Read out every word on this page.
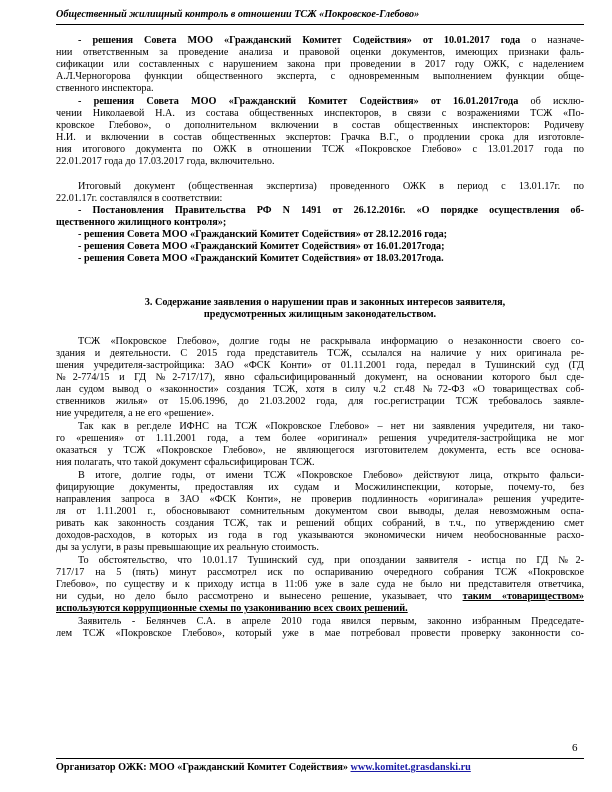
Общественный жилищный контроль в отношении ТСЖ «Покровское-Глебово»
- решения Совета МОО «Гражданский Комитет Содействия» от 10.01.2017 года о назначе-
нии ответственным за проведение анализа и правовой оценки документов, имеющих признаки фаль-
сификации или составленных с нарушением закона при проведении в 2017 году ОЖК, с наделением
А.Л.Черногорова функции общественного эксперта, с одновременным выполнением функции обще-
ственного инспектора.
- решения Совета МОО «Гражданский Комитет Содействия» от 16.01.2017года об исклю-
чении Николаевой Н.А. из состава общественных инспекторов, в связи с возражениями ТСЖ «По-
кровское Глебово», о дополнительном включении в состав общественных инспекторов: Родичеву
Н.И. и включении в состав общественных экспертов: Грачка В.Г., о продлении срока для изготовле-
ния итогового документа по ОЖК в отношении ТСЖ «Покровское Глебово» с 13.01.2017 года по
22.01.2017 года до 17.03.2017 года, включительно.
Итоговый документ (общественная экспертиза) проведенного ОЖК в период с 13.01.17г. по
22.01.17г. составлялся в соответствии:
- Постановления Правительства РФ N 1491 от 26.12.2016г. «О порядке осуществления об-
щественного жилищного контроля»;
- решения Совета МОО «Гражданский Комитет Содействия» от 28.12.2016 года;
- решения Совета МОО «Гражданский Комитет Содействия» от 16.01.2017года;
- решения Совета МОО «Гражданский Комитет Содействия» от 18.03.2017года.
3. Содержание заявления о нарушении прав и законных интересов заявителя,
предусмотренных жилищным законодательством.
ТСЖ «Покровское Глебово», долгие годы не раскрывала информацию о незаконности своего со-
здания и деятельности. С 2015 года представитель ТСЖ, ссылался на наличие у них оригинала ре-
шения учредителя-застройщика: ЗАО «ФСК Конти» от 01.11.2001 года, передал в Тушинский суд (ГД
№2-774/15 и ГД №2-717/17), явно сфальсифицированный документ, на основании которого был сде-
лан судом вывод о «законности» создания ТСЖ, хотя в силу ч.2 ст.48 №72-ФЗ «О товариществах соб-
ственников жилья» от 15.06.1996, до 21.03.2002 года, для гос.регистрации ТСЖ требовалось заявле-
ние учредителя, а не его «решение».
Так как в рег.деле ИФНС на ТСЖ «Покровское Глебово» – нет ни заявления учредителя, ни тако-
го «решения» от 1.11.2001 года, а тем более «оригинал» решения учредителя-застройщика не мог
оказаться у ТСЖ «Покровское Глебово», не являющегося изготовителем документа, есть все основа-
ния полагать, что такой документ сфальсифицирован ТСЖ.
В итоге, долгие годы, от имени ТСЖ «Покровское Глебово» действуют лица, открыто фальси-
фицирующие документы, предоставляя их судам и Мосжилинспекции, которые, почему-то, без
направления запроса в ЗАО «ФСК Конти», не проверив подлинность «оригинала» решения учредите-
ля от 1.11.2001 г., обосновывают сомнительным документом свои выводы, делая невозможным оспа-
ривать как законность создания ТСЖ, так и решений общих собраний, в т.ч., по утверждению смет
доходов-расходов, в которых из года в год указываются экономически ничем необоснованные расхо-
ды за услуги, в разы превышающие их реальную стоимость.
То обстоятельство, что 10.01.17 Тушинский суд, при опоздании заявителя - истца по ГД №2-
717/17 на 5 (пять) минут рассмотрел иск по оспариванию очередного собрания ТСЖ «Покровское
Глебово», по существу и к приходу истца в 11:06 уже в зале суда не было ни представителя ответчика,
ни судьи, но дело было рассмотрено и вынесено решение, указывает, что таким «товариществом»
используются коррупционные схемы по узакониванию всех своих решений.
Заявитель - Белянчев С.А. в апреле 2010 года явился первым, законно избранным Председате-
лем ТСЖ «Покровское Глебово», который уже в мае потребовал провести проверку законности со-
6
Организатор ОЖК: МОО «Гражданский Комитет Содействия» www.komitet.grasdanski.ru
